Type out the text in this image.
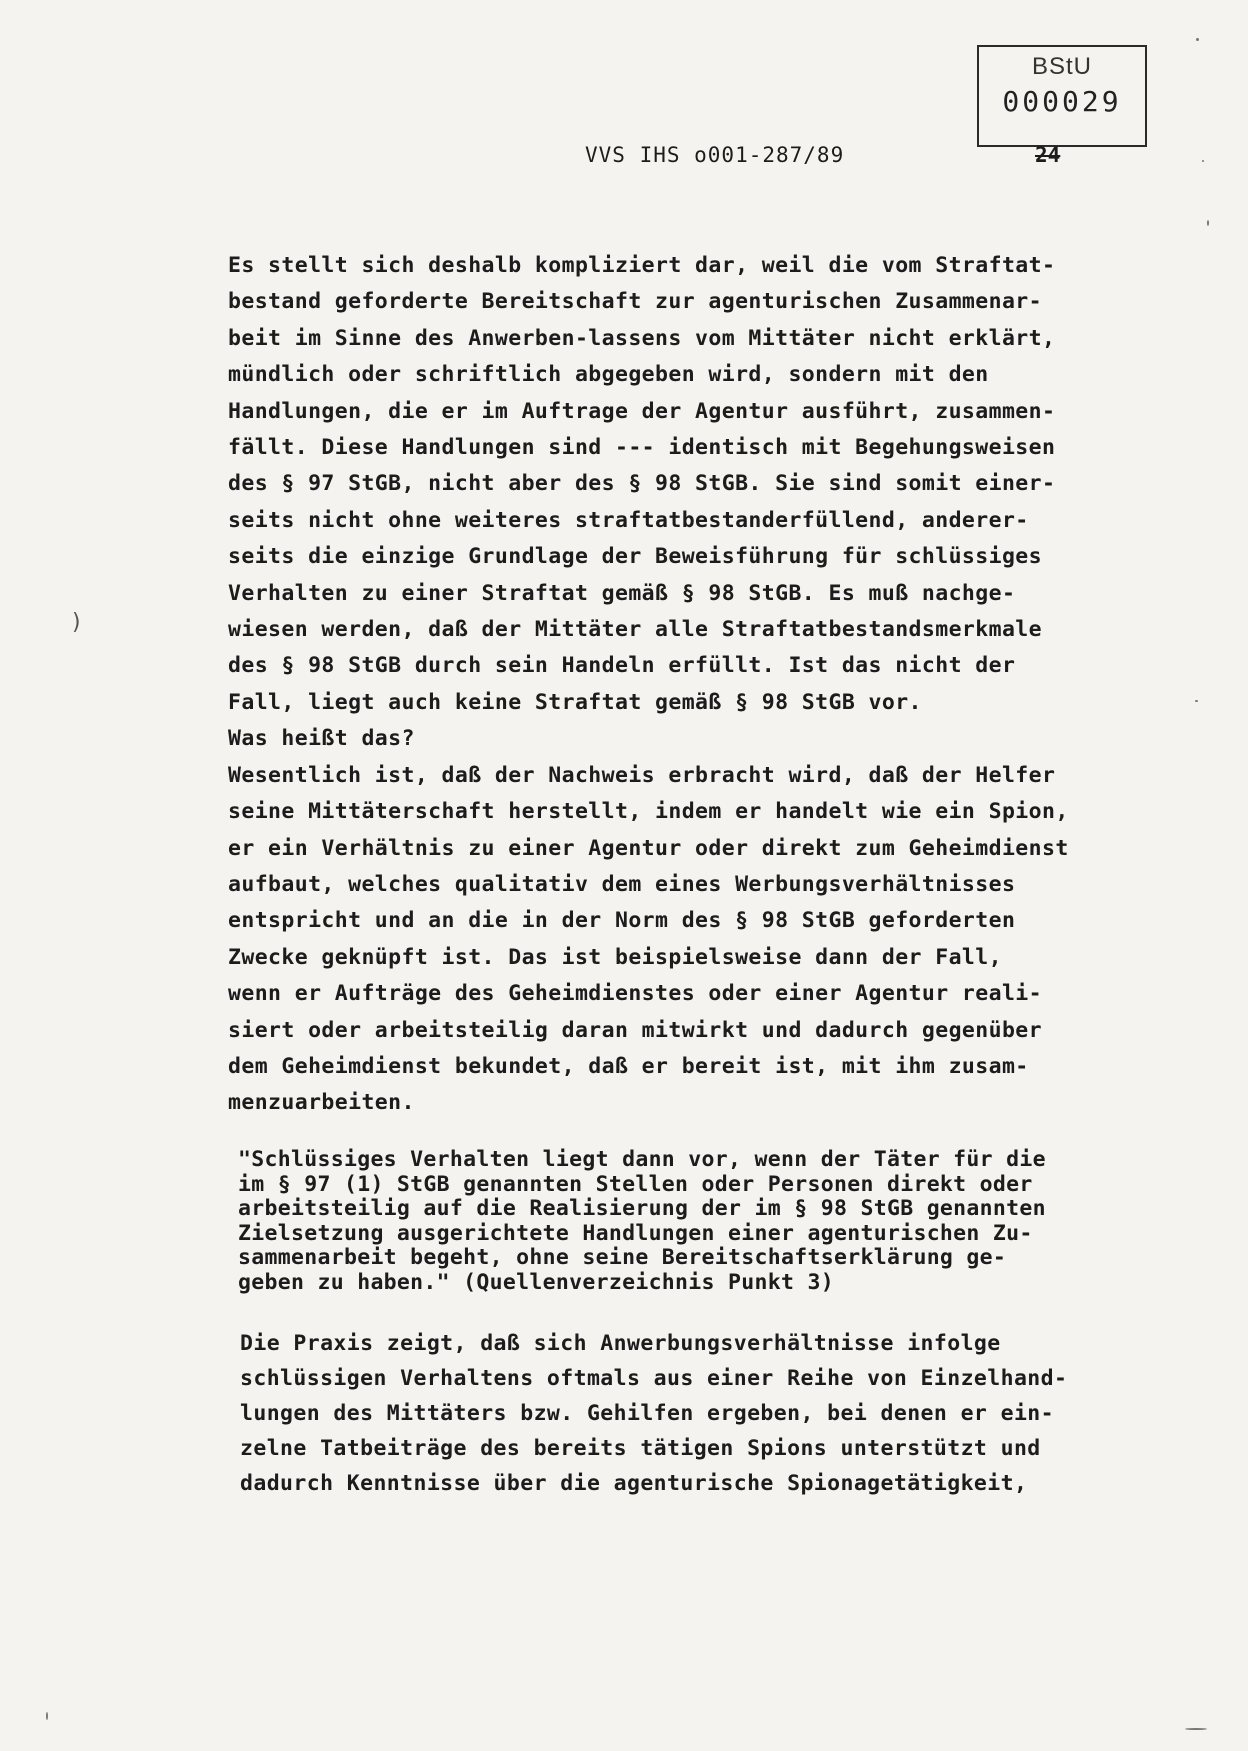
BStU
000029
VVS IHS o001-287/89	24
)
Es stellt sich deshalb kompliziert dar, weil die vom Straftat-
bestand geforderte Bereitschaft zur agenturischen Zusammenar-
beit im Sinne des Anwerben-lassens vom Mittäter nicht erklärt,
mündlich oder schriftlich abgegeben wird, sondern mit den
Handlungen, die er im Auftrage der Agentur ausführt, zusammen-
fällt. Diese Handlungen sind --- identisch mit Begehungsweisen
des § 97 StGB, nicht aber des § 98 StGB. Sie sind somit einer-
seits nicht ohne weiteres straftatbestanderfüllend, anderer-
seits die einzige Grundlage der Beweisführung für schlüssiges
Verhalten zu einer Straftat gemäß § 98 StGB. Es muß nachge-
wiesen werden, daß der Mittäter alle Straftatbestandsmerkmale
des § 98 StGB durch sein Handeln erfüllt. Ist das nicht der
Fall, liegt auch keine Straftat gemäß § 98 StGB vor.
Was heißt das?
Wesentlich ist, daß der Nachweis erbracht wird, daß der Helfer
seine Mittäterschaft herstellt, indem er handelt wie ein Spion,
er ein Verhältnis zu einer Agentur oder direkt zum Geheimdienst
aufbaut, welches qualitativ dem eines Werbungsverhältnisses
entspricht und an die in der Norm des § 98 StGB geforderten
Zwecke geknüpft ist. Das ist beispielsweise dann der Fall,
wenn er Aufträge des Geheimdienstes oder einer Agentur reali-
siert oder arbeitsteilig daran mitwirkt und dadurch gegenüber
dem Geheimdienst bekundet, daß er bereit ist, mit ihm zusam-
menzuarbeiten.
"Schlüssiges Verhalten liegt dann vor, wenn der Täter für die
im § 97 (1) StGB genannten Stellen oder Personen direkt oder
arbeitsteilig auf die Realisierung der im § 98 StGB genannten
Zielsetzung ausgerichtete Handlungen einer agenturischen Zu-
sammenarbeit begeht, ohne seine Bereitschaftserklärung ge-
geben zu haben." (Quellenverzeichnis Punkt 3)
Die Praxis zeigt, daß sich Anwerbungsverhältnisse infolge
schlüssigen Verhaltens oftmals aus einer Reihe von Einzelhand-
lungen des Mittäters bzw. Gehilfen ergeben, bei denen er ein-
zelne Tatbeiträge des bereits tätigen Spions unterstützt und
dadurch Kenntnisse über die agenturische Spionagetätigkeit,
